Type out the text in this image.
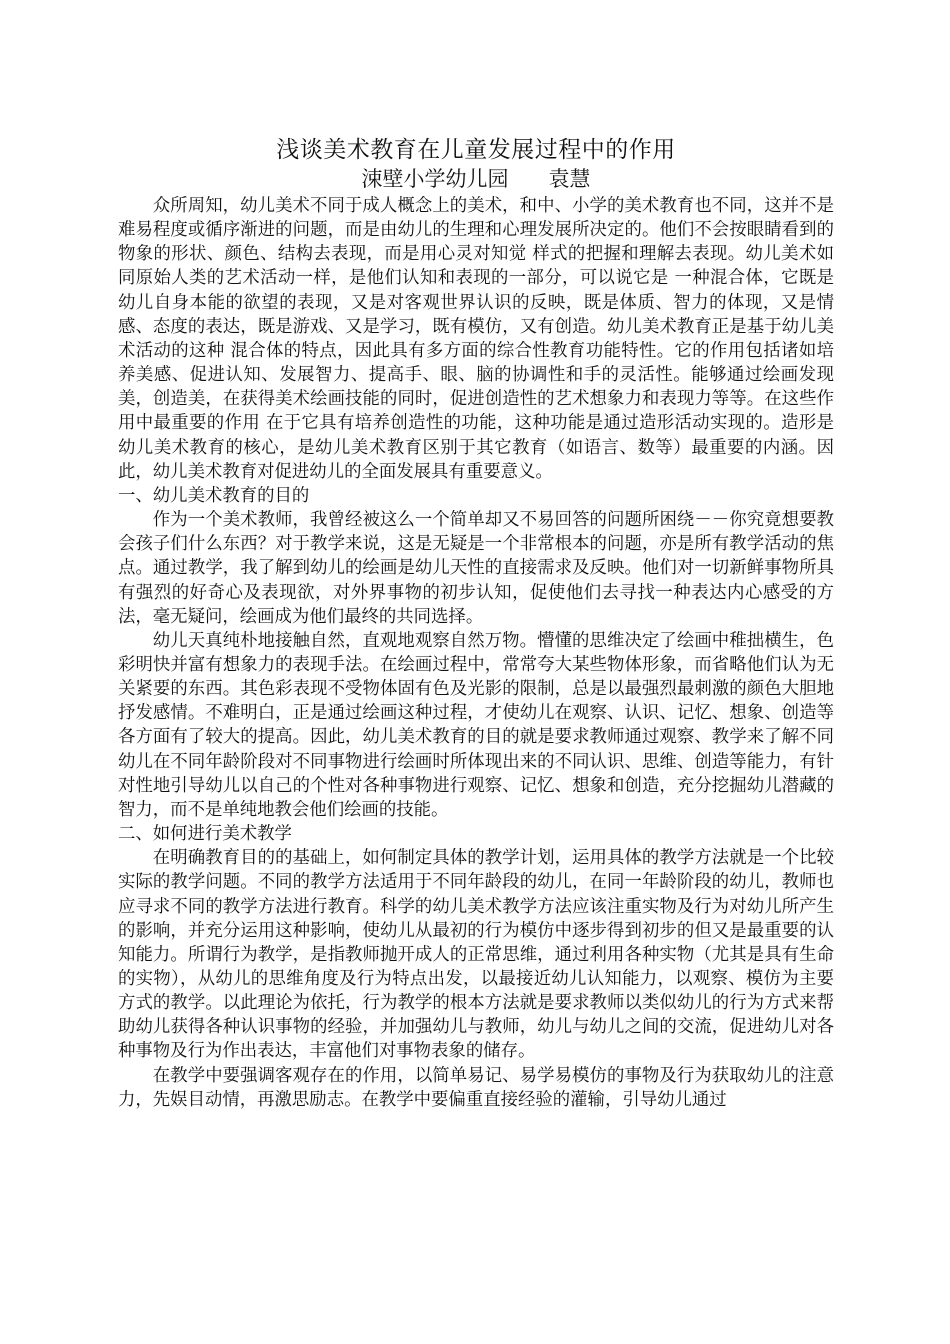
浅谈美术教育在儿童发展过程中的作用

涑壁小学幼儿园      袁慧

众所周知，幼儿美术不同于成人概念上的美术，和中、小学的美术教育也不同，这并不是难易程度或循序渐进的问题，而是由幼儿的生理和心理发展所决定的。他们不会按眼睛看到的物象的形状、颜色、结构去表现，而是用心灵对知觉 样式的把握和理解去表现。幼儿美术如同原始人类的艺术活动一样，是他们认知和表现的一部分，可以说它是 一种混合体，它既是幼儿自身本能的欲望的表现，又是对客观世界认识的反映，既是体质、智力的体现，又是情感、态度的表达，既是游戏、又是学习，既有模仿，又有创造。幼儿美术教育正是基于幼儿美术活动的这种 混合体的特点，因此具有多方面的综合性教育功能特性。它的作用包括诸如培养美感、促进认知、发展智力、提高手、眼、脑的协调性和手的灵活性。能够通过绘画发现美，创造美，在获得美术绘画技能的同时，促进创造性的艺术想象力和表现力等等。在这些作用中最重要的作用 在于它具有培养创造性的功能，这种功能是通过造形活动实现的。造形是幼儿美术教育的核心，是幼儿美术教育区别于其它教育（如语言、数等）最重要的内涵。因此，幼儿美术教育对促进幼儿的全面发展具有重要意义。

一、幼儿美术教育的目的

作为一个美术教师，我曾经被这么一个简单却又不易回答的问题所困绕－－你究竟想要教会孩子们什么东西？对于教学来说，这是无疑是一个非常根本的问题，亦是所有教学活动的焦点。通过教学，我了解到幼儿的绘画是幼儿天性的直接需求及反映。他们对一切新鲜事物所具有强烈的好奇心及表现欲，对外界事物的初步认知，促使他们去寻找一种表达内心感受的方法，毫无疑问，绘画成为他们最终的共同选择。

幼儿天真纯朴地接触自然，直观地观察自然万物。懵懂的思维决定了绘画中稚拙横生，色彩明快并富有想象力的表现手法。在绘画过程中，常常夸大某些物体形象，而省略他们认为无关紧要的东西。其色彩表现不受物体固有色及光影的限制，总是以最强烈最刺激的颜色大胆地抒发感情。不难明白，正是通过绘画这种过程，才使幼儿在观察、认识、记忆、想象、创造等各方面有了较大的提高。因此，幼儿美术教育的目的就是要求教师通过观察、教学来了解不同幼儿在不同年龄阶段对不同事物进行绘画时所体现出来的不同认识、思维、创造等能力，有针对性地引导幼儿以自己的个性对各种事物进行观察、记忆、想象和创造，充分挖掘幼儿潜藏的智力，而不是单纯地教会他们绘画的技能。

二、如何进行美术教学

在明确教育目的的基础上，如何制定具体的教学计划，运用具体的教学方法就是一个比较实际的教学问题。不同的教学方法适用于不同年龄段的幼儿，在同一年龄阶段的幼儿，教师也应寻求不同的教学方法进行教育。科学的幼儿美术教学方法应该注重实物及行为对幼儿所产生的影响，并充分运用这种影响，使幼儿从最初的行为模仿中逐步得到初步的但又是最重要的认知能力。所谓行为教学，是指教师抛开成人的正常思维，通过利用各种实物（尤其是具有生命的实物），从幼儿的思维角度及行为特点出发，以最接近幼儿认知能力，以观察、模仿为主要方式的教学。以此理论为依托，行为教学的根本方法就是要求教师以类似幼儿的行为方式来帮助幼儿获得各种认识事物的经验，并加强幼儿与教师，幼儿与幼儿之间的交流，促进幼儿对各种事物及行为作出表达，丰富他们对事物表象的储存。

在教学中要强调客观存在的作用，以简单易记、易学易模仿的事物及行为获取幼儿的注意力，先娱目动情，再激思励志。在教学中要偏重直接经验的灌输，引导幼儿通过
